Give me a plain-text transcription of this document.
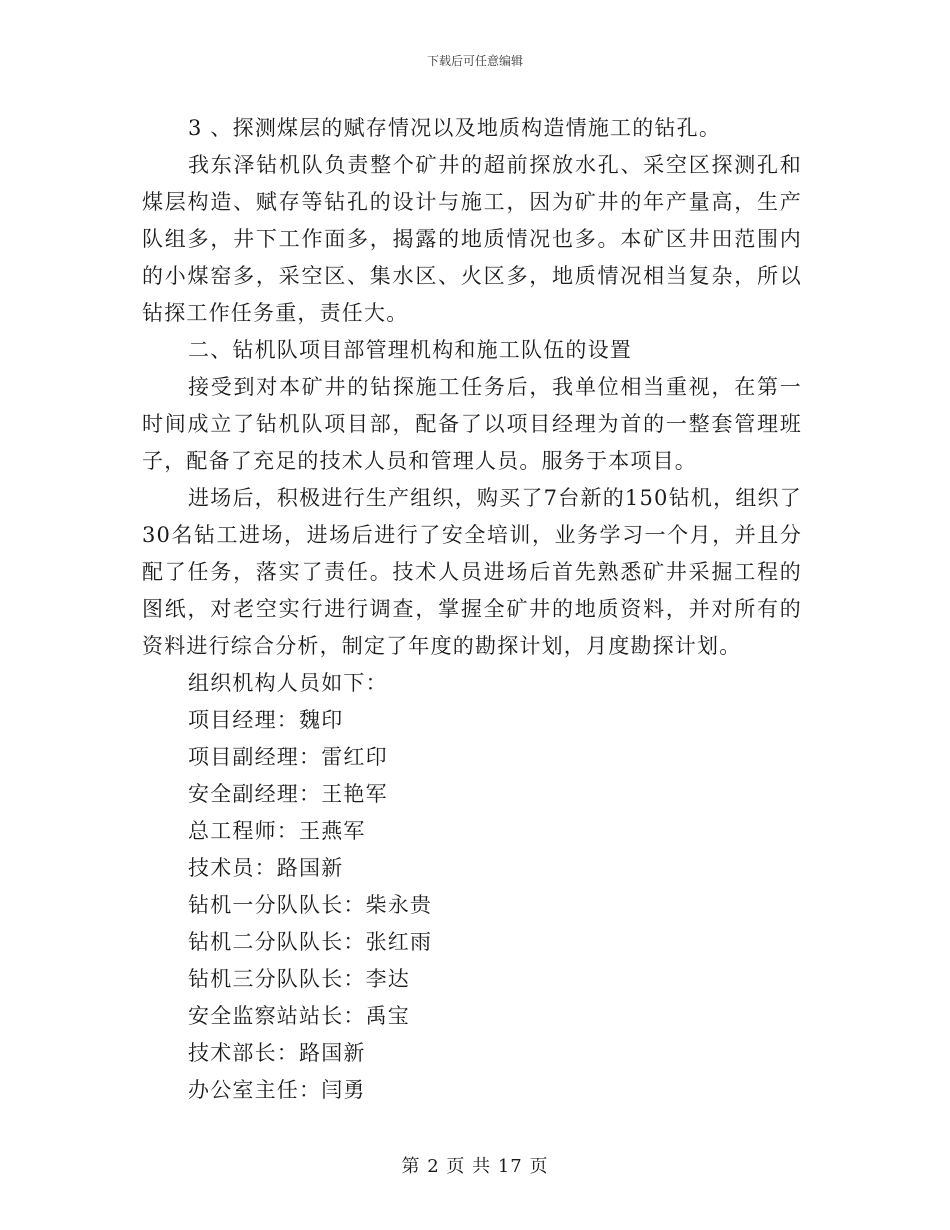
下载后可任意编辑

3 、探测煤层的赋存情况以及地质构造情施工的钻孔。

我东泽钻机队负责整个矿井的超前探放水孔、采空区探测孔和煤层构造、赋存等钻孔的设计与施工，因为矿井的年产量高，生产队组多，井下工作面多，揭露的地质情况也多。本矿区井田范围内的小煤窑多，采空区、集水区、火区多，地质情况相当复杂，所以钻探工作任务重，责任大。

二、钻机队项目部管理机构和施工队伍的设置

接受到对本矿井的钻探施工任务后，我单位相当重视，在第一时间成立了钻机队项目部，配备了以项目经理为首的一整套管理班子，配备了充足的技术人员和管理人员。服务于本项目。

进场后，积极进行生产组织，购买了7台新的150钻机，组织了30名钻工进场，进场后进行了安全培训，业务学习一个月，并且分配了任务，落实了责任。技术人员进场后首先熟悉矿井采掘工程的图纸，对老空实行进行调查，掌握全矿井的地质资料，并对所有的资料进行综合分析，制定了年度的勘探计划，月度勘探计划。

组织机构人员如下：

项目经理：魏印

项目副经理：雷红印

安全副经理：王艳军

总工程师：王燕军

技术员：路国新

钻机一分队队长：柴永贵

钻机二分队队长：张红雨

钻机三分队队长：李达

安全监察站站长：禹宝

技术部长：路国新

办公室主任：闫勇

第 2 页 共 17 页
